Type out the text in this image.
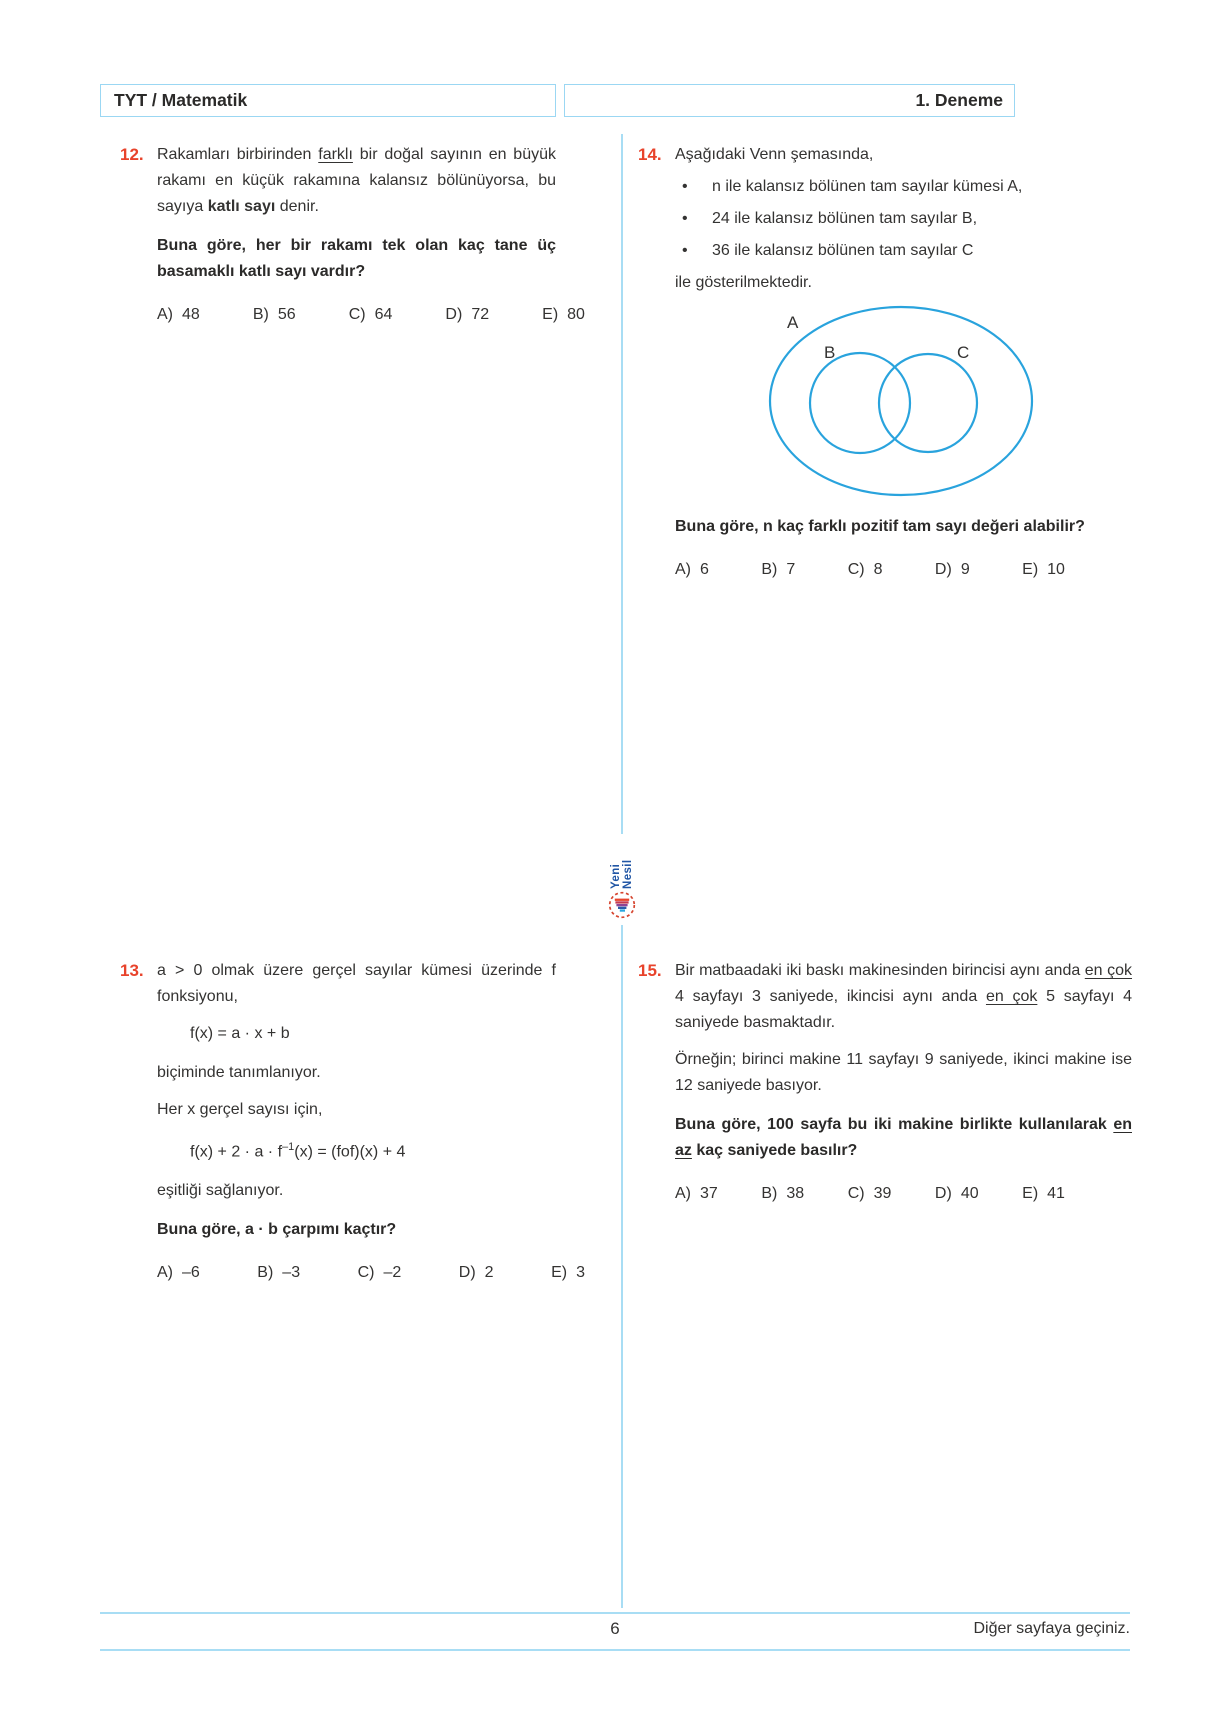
TYT / Matematik	1. Deneme
Yeni Nesil
12. Rakamları birbirinden farklı bir doğal sayının en büyük rakamı en küçük rakamına kalansız bölünüyorsa, bu sayıya katlı sayı denir.

Buna göre, her bir rakamı tek olan kaç tane üç basamaklı katlı sayı vardır?

A) 48	B) 56	C) 64	D) 72	E) 80
14. Aşağıdaki Venn şemasında,

•	n ile kalansız bölünen tam sayılar kümesi A,
•	24 ile kalansız bölünen tam sayılar B,
•	36 ile kalansız bölünen tam sayılar C

ile gösterilmektedir.

A
B	C

Buna göre, n kaç farklı pozitif tam sayı değeri alabilir?

A) 6	B) 7	C) 8	D) 9	E) 10
13. a > 0 olmak üzere gerçel sayılar kümesi üzerinde f fonksiyonu,

f(x) = a · x + b

biçiminde tanımlanıyor.

Her x gerçel sayısı için,

$f(x) + 2 \cdot a \cdot f^{-1}(x) = (fof)(x) + 4$

eşitliği sağlanıyor.

Buna göre, a · b çarpımı kaçtır?

A) –6	B) –3	C) –2	D) 2	E) 3
15. Bir matbaadaki iki baskı makinesinden birincisi aynı anda en çok 4 sayfayı 3 saniyede, ikincisi aynı anda en çok 5 sayfayı 4 saniyede basmaktadır.

Örneğin; birinci makine 11 sayfayı 9 saniyede, ikinci makine ise 12 saniyede basıyor.

Buna göre, 100 sayfa bu iki makine birlikte kullanılarak en az kaç saniyede basılır?

A) 37	B) 38	C) 39	D) 40	E) 41
6	Diğer sayfaya geçiniz.
